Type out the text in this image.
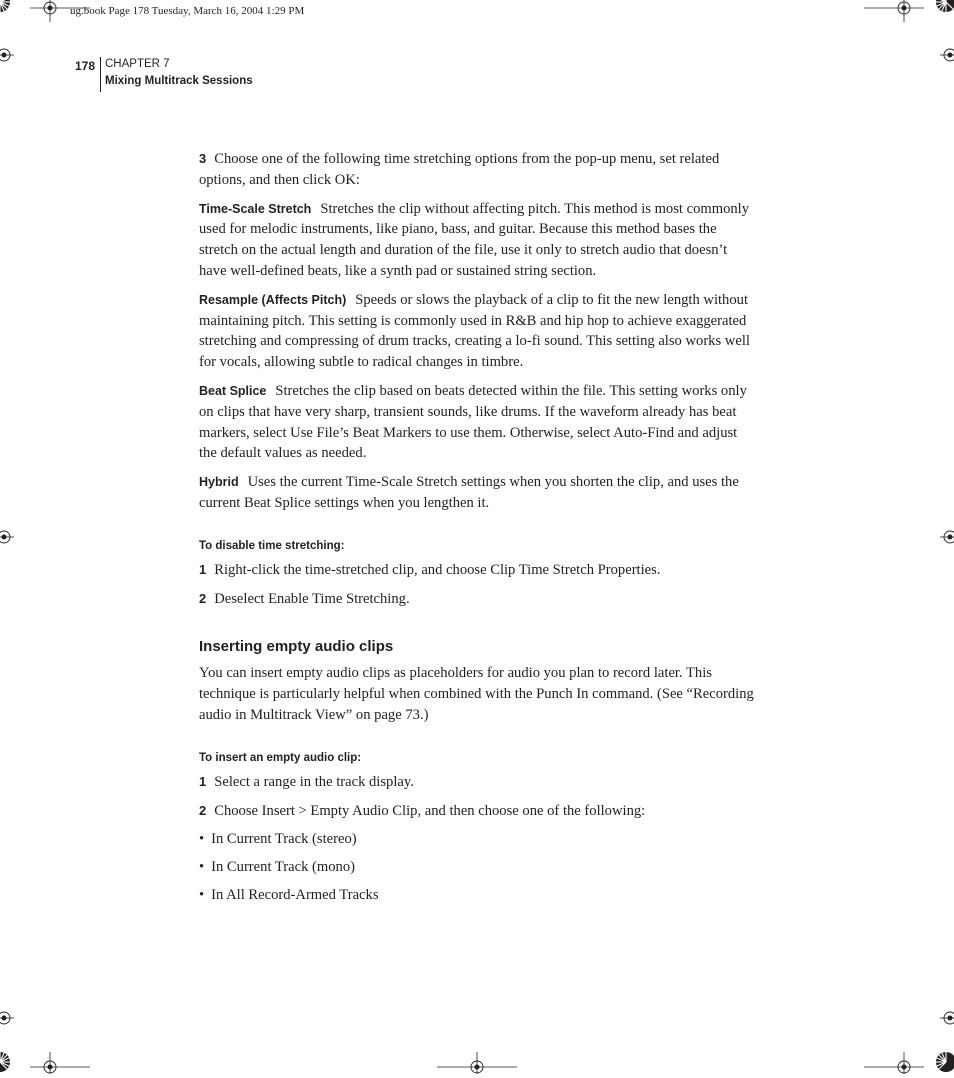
ug.book Page 178 Tuesday, March 16, 2004 1:29 PM
178 CHAPTER 7
Mixing Multitrack Sessions

3 Choose one of the following time stretching options from the pop-up menu, set related options, and then click OK:

Time-Scale Stretch Stretches the clip without affecting pitch. This method is most commonly used for melodic instruments, like piano, bass, and guitar. Because this method bases the stretch on the actual length and duration of the file, use it only to stretch audio that doesn’t have well-defined beats, like a synth pad or sustained string section.

Resample (Affects Pitch) Speeds or slows the playback of a clip to fit the new length without maintaining pitch. This setting is commonly used in R&B and hip hop to achieve exaggerated stretching and compressing of drum tracks, creating a lo-fi sound. This setting also works well for vocals, allowing subtle to radical changes in timbre.

Beat Splice Stretches the clip based on beats detected within the file. This setting works only on clips that have very sharp, transient sounds, like drums. If the waveform already has beat markers, select Use File’s Beat Markers to use them. Otherwise, select Auto-Find and adjust the default values as needed.

Hybrid Uses the current Time-Scale Stretch settings when you shorten the clip, and uses the current Beat Splice settings when you lengthen it.

To disable time stretching:

1 Right-click the time-stretched clip, and choose Clip Time Stretch Properties.

2 Deselect Enable Time Stretching.

Inserting empty audio clips

You can insert empty audio clips as placeholders for audio you plan to record later. This technique is particularly helpful when combined with the Punch In command. (See “Recording audio in Multitrack View” on page 73.)

To insert an empty audio clip:

1 Select a range in the track display.

2 Choose Insert > Empty Audio Clip, and then choose one of the following:

• In Current Track (stereo)

• In Current Track (mono)

• In All Record-Armed Tracks
